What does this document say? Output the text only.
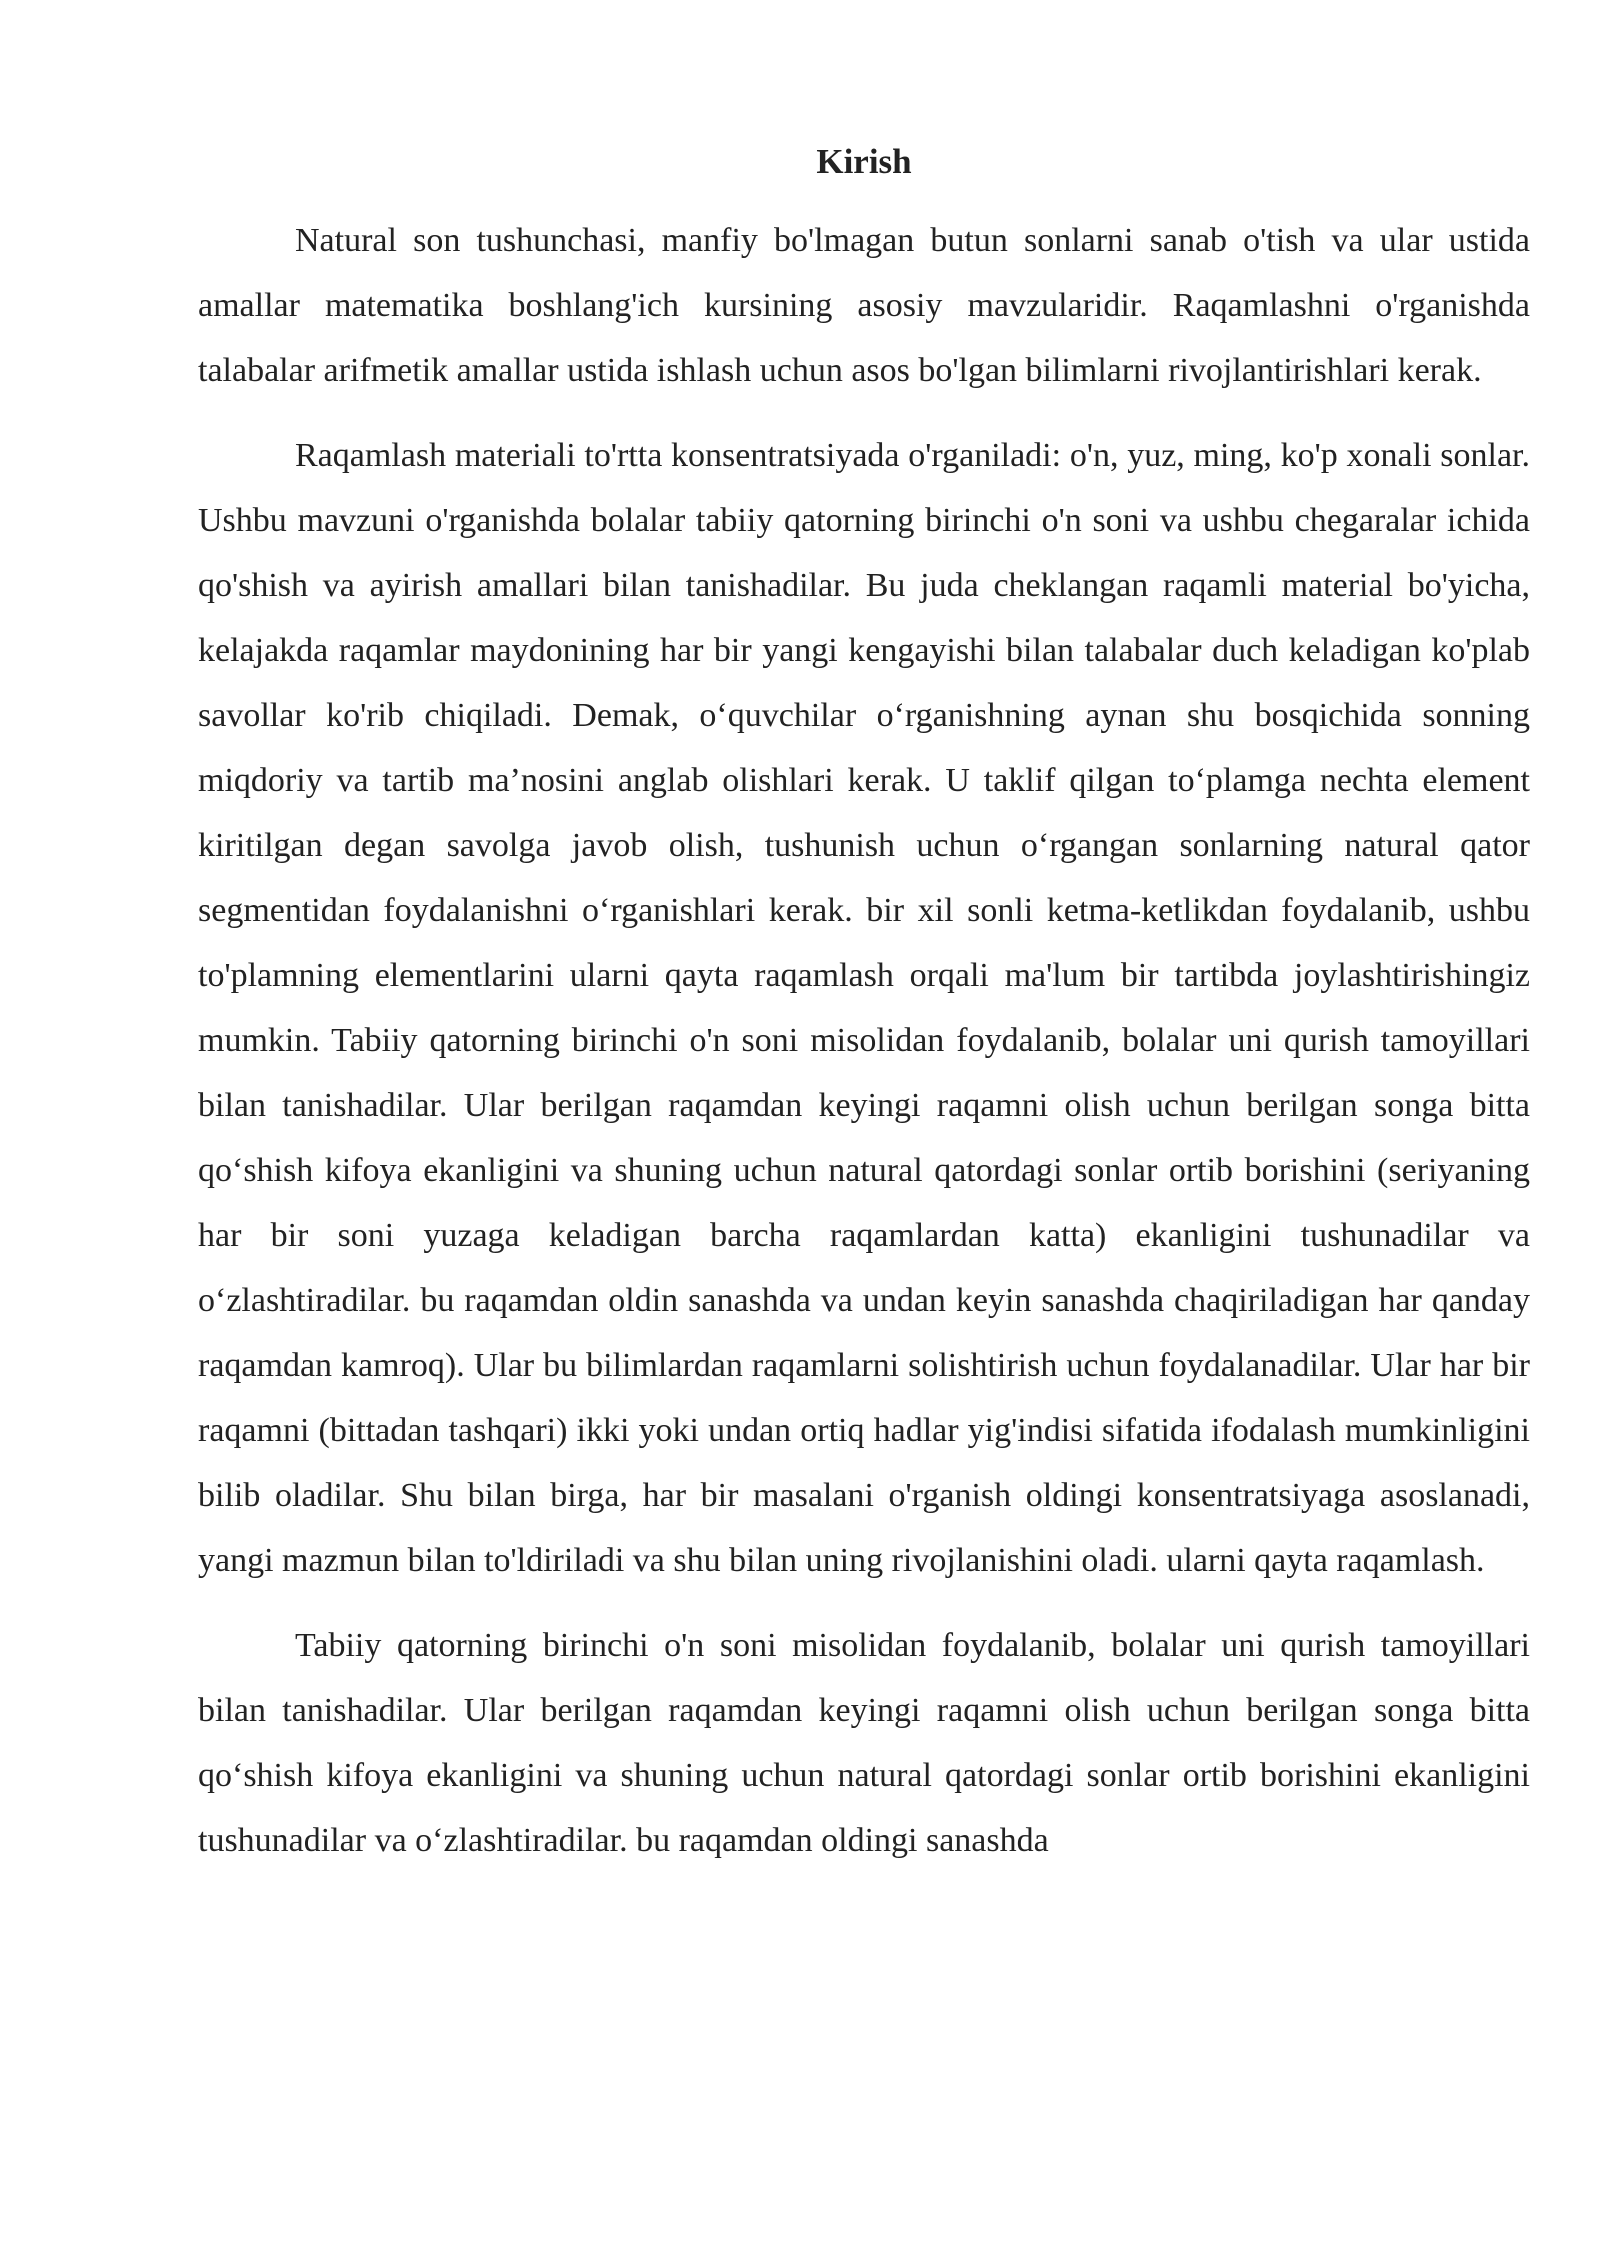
Kirish

Natural son tushunchasi, manfiy bo'lmagan butun sonlarni sanab o'tish va ular ustida amallar matematika boshlang'ich kursining asosiy mavzularidir. Raqamlashni o'rganishda talabalar arifmetik amallar ustida ishlash uchun asos bo'lgan bilimlarni rivojlantirishlari kerak.

Raqamlash materiali to'rtta konsentratsiyada o'rganiladi: o'n, yuz, ming, ko'p xonali sonlar. Ushbu mavzuni o'rganishda bolalar tabiiy qatorning birinchi o'n soni va ushbu chegaralar ichida qo'shish va ayirish amallari bilan tanishadilar. Bu juda cheklangan raqamli material bo'yicha, kelajakda raqamlar maydonining har bir yangi kengayishi bilan talabalar duch keladigan ko'plab savollar ko'rib chiqiladi. Demak, o‘quvchilar o‘rganishning aynan shu bosqichida sonning miqdoriy va tartib ma’nosini anglab olishlari kerak. U taklif qilgan to‘plamga nechta element kiritilgan degan savolga javob olish, tushunish uchun o‘rgangan sonlarning natural qator segmentidan foydalanishni o‘rganishlari kerak. bir xil sonli ketma-ketlikdan foydalanib, ushbu to'plamning elementlarini ularni qayta raqamlash orqali ma'lum bir tartibda joylashtirishingiz mumkin. Tabiiy qatorning birinchi o'n soni misolidan foydalanib, bolalar uni qurish tamoyillari bilan tanishadilar. Ular berilgan raqamdan keyingi raqamni olish uchun berilgan songa bitta qo‘shish kifoya ekanligini va shuning uchun natural qatordagi sonlar ortib borishini (seriyaning har bir soni yuzaga keladigan barcha raqamlardan katta) ekanligini tushunadilar va o‘zlashtiradilar. bu raqamdan oldin sanashda va undan keyin sanashda chaqiriladigan har qanday raqamdan kamroq). Ular bu bilimlardan raqamlarni solishtirish uchun foydalanadilar. Ular har bir raqamni (bittadan tashqari) ikki yoki undan ortiq hadlar yig'indisi sifatida ifodalash mumkinligini bilib oladilar. Shu bilan birga, har bir masalani o'rganish oldingi konsentratsiyaga asoslanadi, yangi mazmun bilan to'ldiriladi va shu bilan uning rivojlanishini oladi. ularni qayta raqamlash.

Tabiiy qatorning birinchi o'n soni misolidan foydalanib, bolalar uni qurish tamoyillari bilan tanishadilar. Ular berilgan raqamdan keyingi raqamni olish uchun berilgan songa bitta qo‘shish kifoya ekanligini va shuning uchun natural qatordagi sonlar ortib borishini ekanligini tushunadilar va o‘zlashtiradilar. bu raqamdan oldingi sanashda
